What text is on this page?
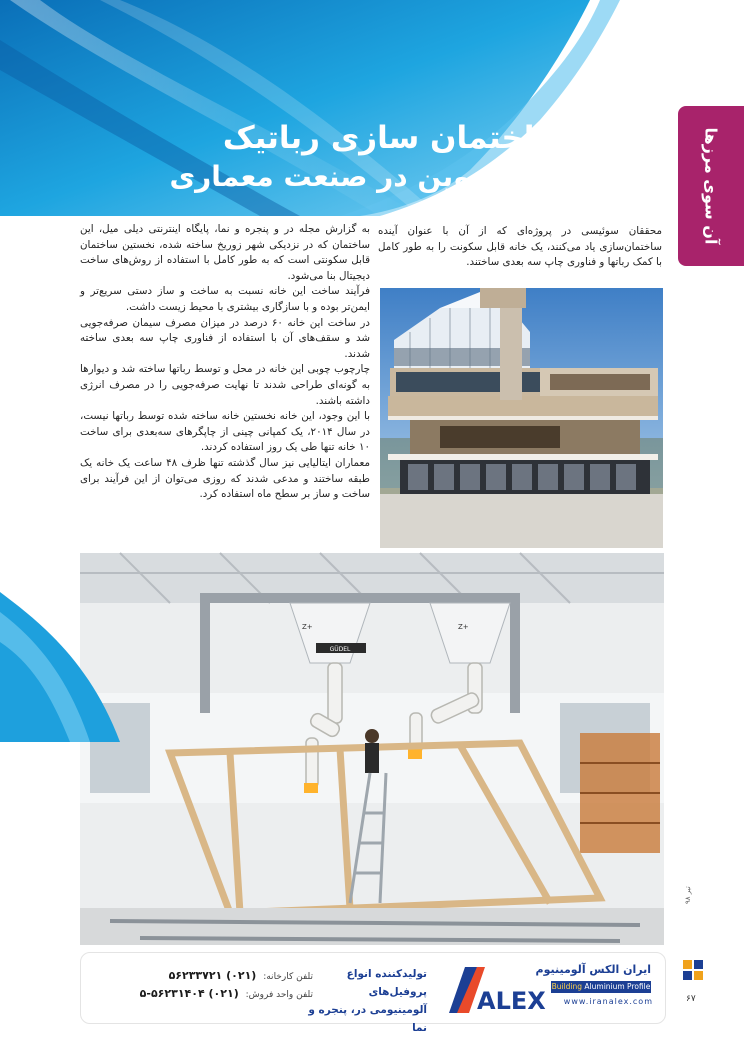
ساختمان سازی رباتیک
تحولی نوین در صنعت معماری	آن سوی مرزها

محققان سوئیسی در پروژه‌ای که از آن با عنوان آینده ساختمان‌سازی یاد می‌کنند، یک خانه قابل سکونت را به طور کامل با کمک رباتها و فناوری چاپ سه بعدی ساختند.

به گزارش مجله در و پنجره و نما، پایگاه اینترنتی دیلی میل، این ساختمان که در نزدیکی شهر زوریخ ساخته شده، نخستین ساختمان قابل سکونتی است که به طور کامل با استفاده از روش‌های ساخت دیجیتال بنا می‌شود.

فرآیند ساخت این خانه نسبت به ساخت و ساز دستی سریع‌تر و ایمن‌تر بوده و با سازگاری بیشتری با محیط زیست داشت.

در ساخت این خانه ۶۰ درصد در میزان مصرف سیمان صرفه‌جویی شد و سقف‌های آن با استفاده از فناوری چاپ سه بعدی ساخته شدند.

چارچوب چوبی این خانه در محل و توسط رباتها ساخته شد و دیوارها به گونه‌ای طراحی شدند تا نهایت صرفه‌جویی را در مصرف انرژی داشته باشند.

با این وجود، این خانه نخستین خانه ساخته شده توسط رباتها نیست، در سال ۲۰۱۴، یک کمپانی چینی از چاپگرهای سه‌بعدی برای ساخت ۱۰ خانه تنها طی یک روز استفاده کردند.

معماران ایتالیایی نیز سال گذشته تنها ظرف ۴۸ ساعت یک خانه یک طبقه ساختند و مدعی شدند که روزی می‌توان از این فرآیند برای ساخت و ساز بر سطح ماه استفاده کرد.

GÜDEL
Z+	Z+
تلفن کارخانه: (۰۲۱) ۵۶۲۳۳۷۲۱
تلفن واحد فروش: (۰۲۱) ۵۶۲۳۱۴۰۴-۵
تولیدکننده انواع پروفیل‌های
آلومینیومی در، پنجره و نما
ALEX
ایران الکس آلومینیوم
Building Aluminium Profile
www.iranalex.com
تیر ۹۸
۶۷
